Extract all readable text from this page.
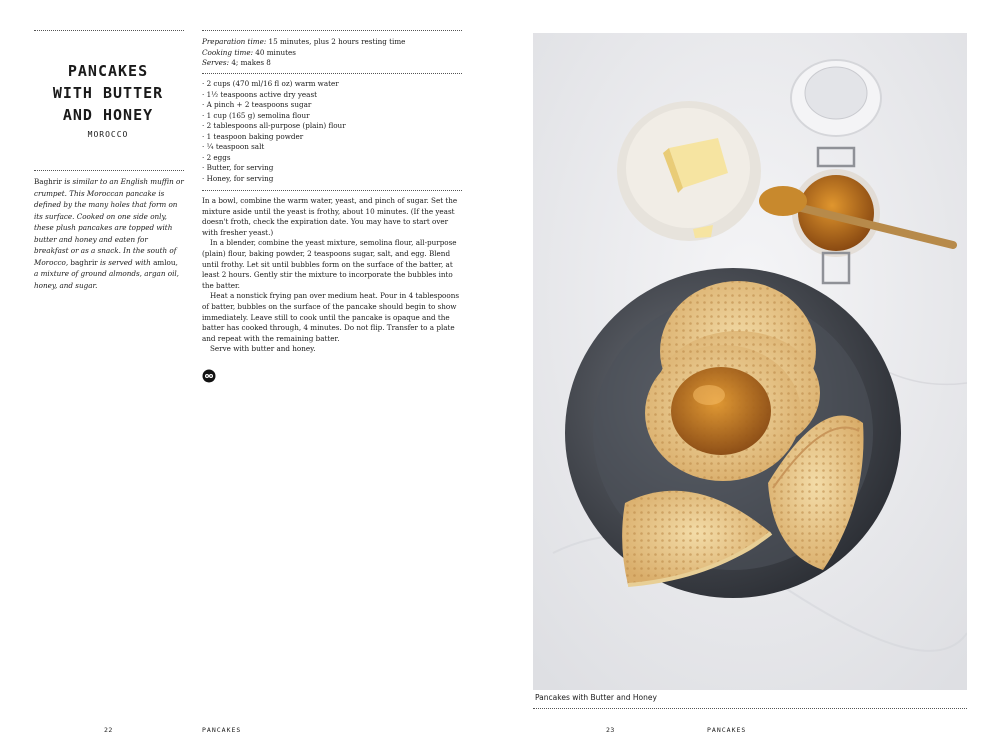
PANCAKES
WITH BUTTER
AND HONEY
MOROCCO
Baghrir is similar to an English muffin or crumpet. This Moroccan pancake is defined by the many holes that form on its surface. Cooked on one side only, these plush pancakes are topped with butter and honey and eaten for breakfast or as a snack. In the south of Morocco, baghrir is served with amlou, a mixture of ground almonds, argan oil, honey, and sugar.
Preparation time: 15 minutes, plus 2 hours resting time
Cooking time: 40 minutes
Serves: 4; makes 8
· 2 cups (470 ml/16 fl oz) warm water
· 1½ teaspoons active dry yeast
· A pinch + 2 teaspoons sugar
· 1 cup (165 g) semolina flour
· 2 tablespoons all-purpose (plain) flour
· 1 teaspoon baking powder
· ¼ teaspoon salt
· 2 eggs
· Butter, for serving
· Honey, for serving

In a bowl, combine the warm water, yeast, and pinch of sugar. Set the mixture aside until the yeast is frothy, about 10 minutes. (If the yeast doesn't froth, check the expiration date. You may have to start over with fresher yeast.)

In a blender, combine the yeast mixture, semolina flour, all-purpose (plain) flour, baking powder, 2 teaspoons sugar, salt, and egg. Blend until frothy. Let sit until bubbles form on the surface of the batter, at least 2 hours. Gently stir the mixture to incorporate the bubbles into the batter.

Heat a nonstick frying pan over medium heat. Pour in 4 tablespoons of batter, bubbles on the surface of the pancake should begin to show immediately. Leave still to cook until the pancake is opaque and the batter has cooked through, 4 minutes. Do not flip. Transfer to a plate and repeat with the remaining batter.

Serve with butter and honey.

22	PANCAKES
Pancakes with Butter and Honey
23	PANCAKES
